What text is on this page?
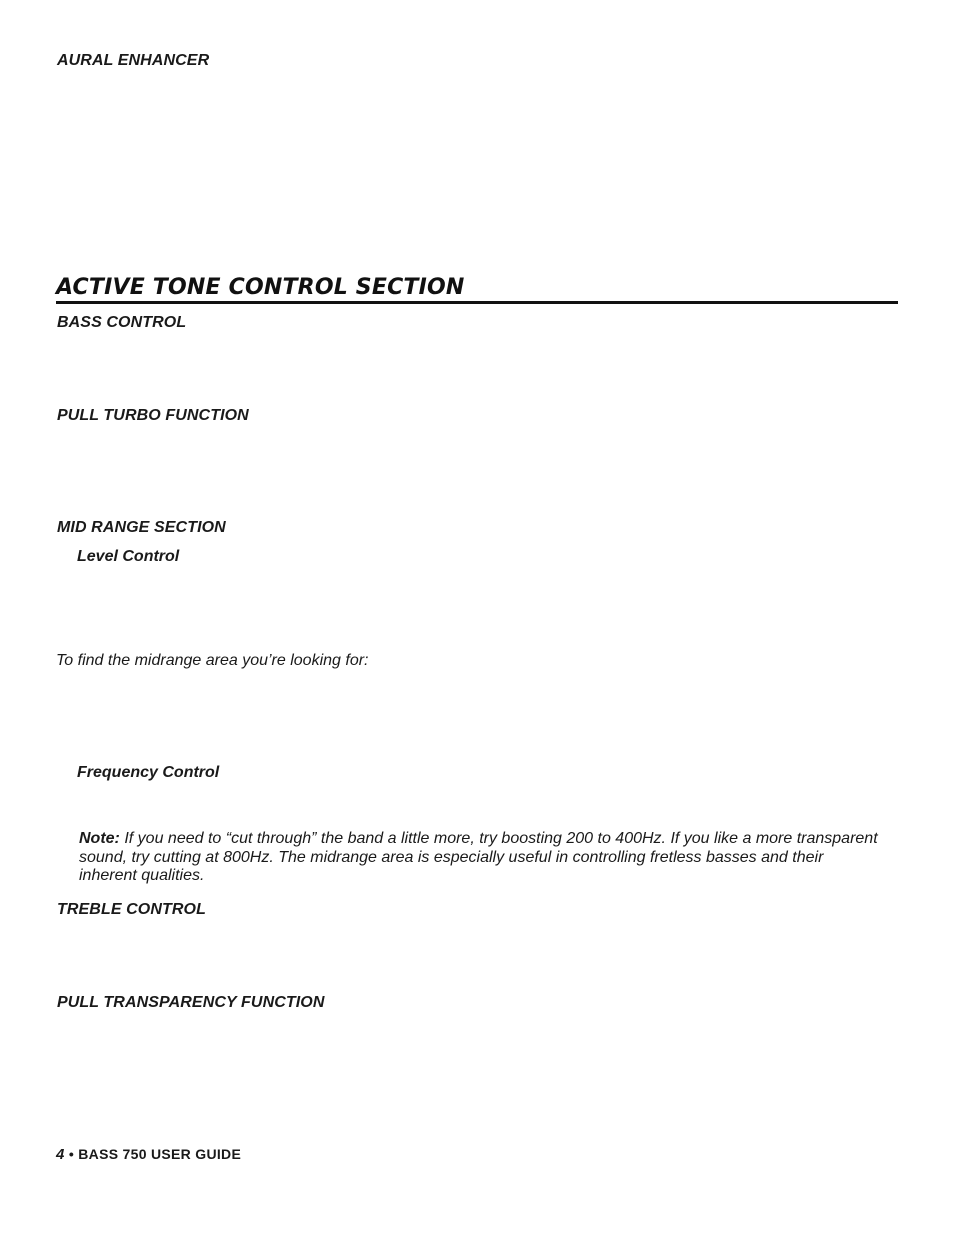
AURAL ENHANCER
ACTIVE TONE CONTROL SECTION
BASS CONTROL
PULL TURBO FUNCTION
MID RANGE SECTION
Level Control
To find the midrange area you’re looking for:
Frequency Control
Note: If you need to “cut through” the band a little more, try boosting 200 to 400Hz. If you like a more transparent sound, try cutting at 800Hz. The midrange area is especially useful in controlling fretless basses and their inherent qualities.
TREBLE CONTROL
PULL TRANSPARENCY FUNCTION
4 • BASS 750 USER GUIDE
